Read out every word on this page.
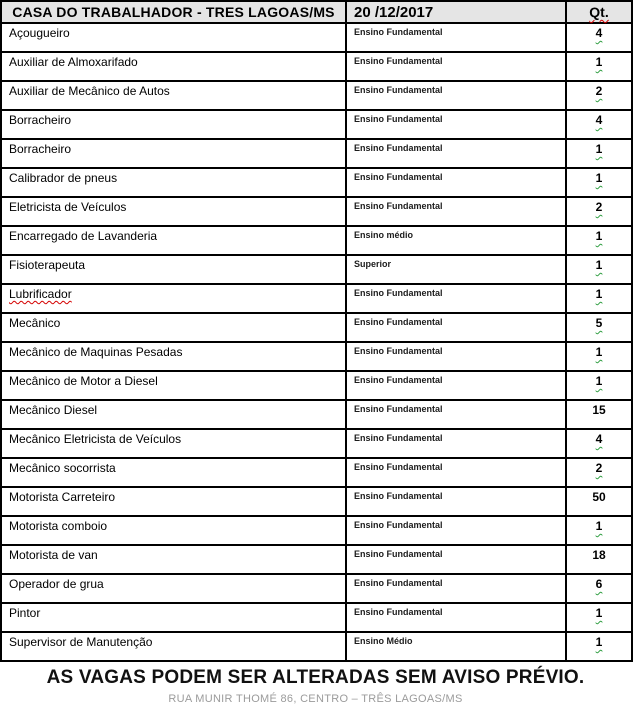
CASA DO TRABALHADOR - TRES LAGOAS/MS	20 /12/2017	Qt.
Açougueiro	Ensino Fundamental	4
Auxiliar de Almoxarifado	Ensino Fundamental	1
Auxiliar de Mecânico de Autos	Ensino Fundamental	2
Borracheiro	Ensino Fundamental	4
Borracheiro	Ensino Fundamental	1
Calibrador de pneus	Ensino Fundamental	1
Eletricista de Veículos	Ensino Fundamental	2
Encarregado de Lavanderia	Ensino médio	1
Fisioterapeuta	Superior	1
Lubrificador	Ensino Fundamental	1
Mecânico	Ensino Fundamental	5
Mecânico de Maquinas Pesadas	Ensino Fundamental	1
Mecânico de Motor a Diesel	Ensino Fundamental	1
Mecânico Diesel	Ensino Fundamental	15
Mecânico Eletricista de Veículos	Ensino Fundamental	4
Mecânico socorrista	Ensino Fundamental	2
Motorista Carreteiro	Ensino Fundamental	50
Motorista comboio	Ensino Fundamental	1
Motorista de van	Ensino Fundamental	18
Operador de grua	Ensino Fundamental	6
Pintor	Ensino Fundamental	1
Supervisor de Manutenção	Ensino Médio	1
AS VAGAS PODEM SER ALTERADAS SEM AVISO PRÉVIO.
RUA MUNIR THOMÉ 86, CENTRO – TRÊS LAGOAS/MS
